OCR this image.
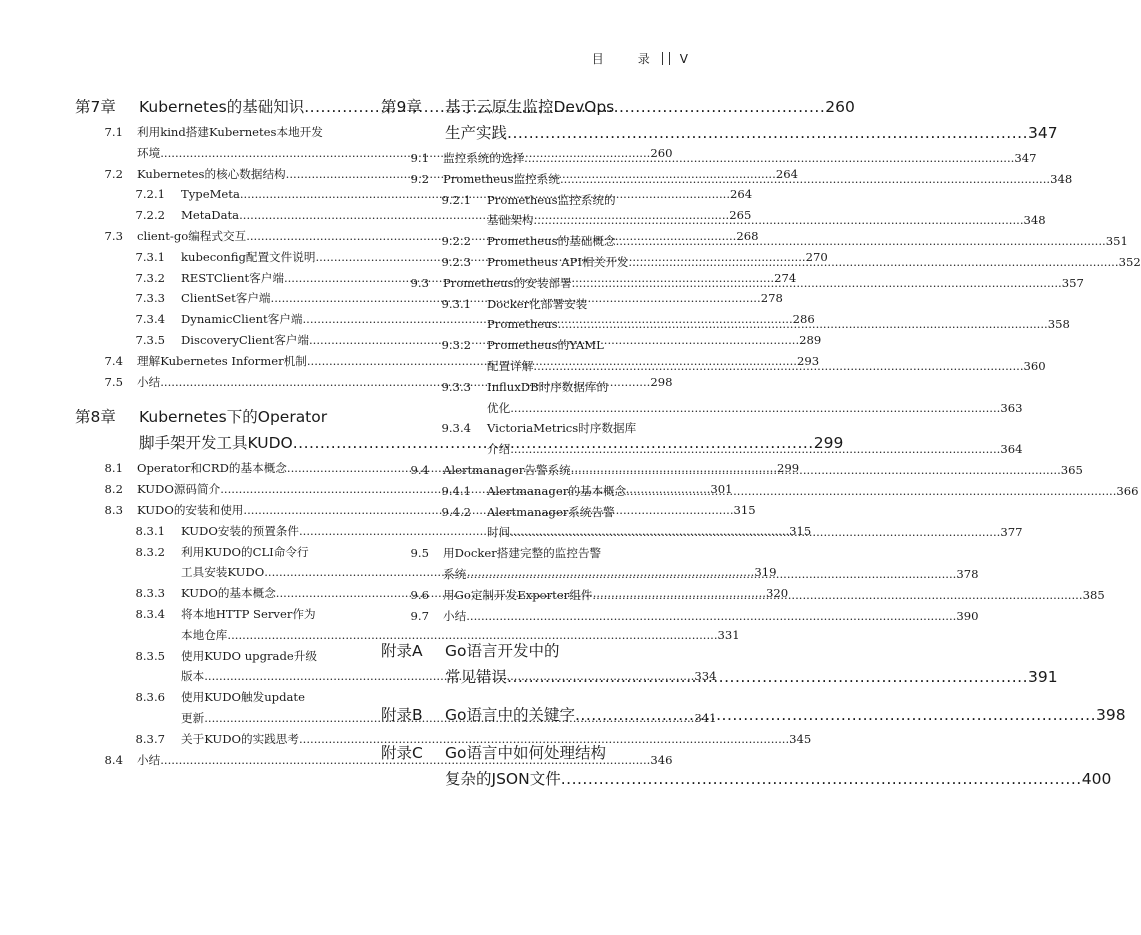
目	录	V
第7章	Kubernetes的基础知识 .....	260
7.1 利用kind搭建Kubernetes本地开发
环境 .....	260
7.2 Kubernetes的核心数据结构 .....	264
7.2.1 TypeMeta .....	264
7.2.2 MetaData .....	265
7.3 client-go编程式交互 .....	268
7.3.1 kubeconfig配置文件说明 .....	270
7.3.2 RESTClient客户端 .....	274
7.3.3 ClientSet客户端 .....	278
7.3.4 DynamicClient客户端 .....	286
7.3.5 DiscoveryClient客户端 .....	289
7.4 理解Kubernetes Informer机制 .....	293
7.5 小结 .....	298
第8章	Kubernetes下的Operator
脚手架开发工具KUDO .....	299
8.1 Operator和CRD的基本概念 .....	299
8.2 KUDO源码简介 .....	301
8.3 KUDO的安装和使用 .....	315
8.3.1 KUDO安装的预置条件 .....	315
8.3.2 利用KUDO的CLI命令行
工具安装KUDO .....	319
8.3.3 KUDO的基本概念 .....	320
8.3.4 将本地HTTP Server作为
本地仓库 .....	331
8.3.5 使用KUDO upgrade升级
版本 .....	334
8.3.6 使用KUDO触发update
更新 .....	341
8.3.7 关于KUDO的实践思考 .....	345
8.4 小结 .....	346
第9章	基于云原生监控DevOps
生产实践 .....	347
9.1 监控系统的选择 .....	347
9.2 Prometheus监控系统 .....	348
9.2.1 Prometheus监控系统的
基础架构 .....	348
9.2.2 Prometheus的基础概念 .....	351
9.2.3 Prometheus API相关开发 .....	352
9.3 Prometheus的安装部署 .....	357
9.3.1 Docker化部署安装
Prometheus .....	358
9.3.2 Prometheus的YAML
配置详解 .....	360
9.3.3 InfluxDB时序数据库的
优化 .....	363
9.3.4 VictoriaMetrics时序数据库
介绍 .....	364
9.4 Alertmanager告警系统 .....	365
9.4.1 Alertmanager的基本概念 .....	366
9.4.2 Alertmanager系统告警
时间 .....	377
9.5 用Docker搭建完整的监控告警
系统 .....	378
9.6 用Go定制开发Exporter组件 .....	385
9.7 小结 .....	390
附录A	Go语言开发中的
常见错误 .....	391
附录B	Go语言中的关键字 .....	398
附录C	Go语言中如何处理结构
复杂的JSON文件 .....	400
